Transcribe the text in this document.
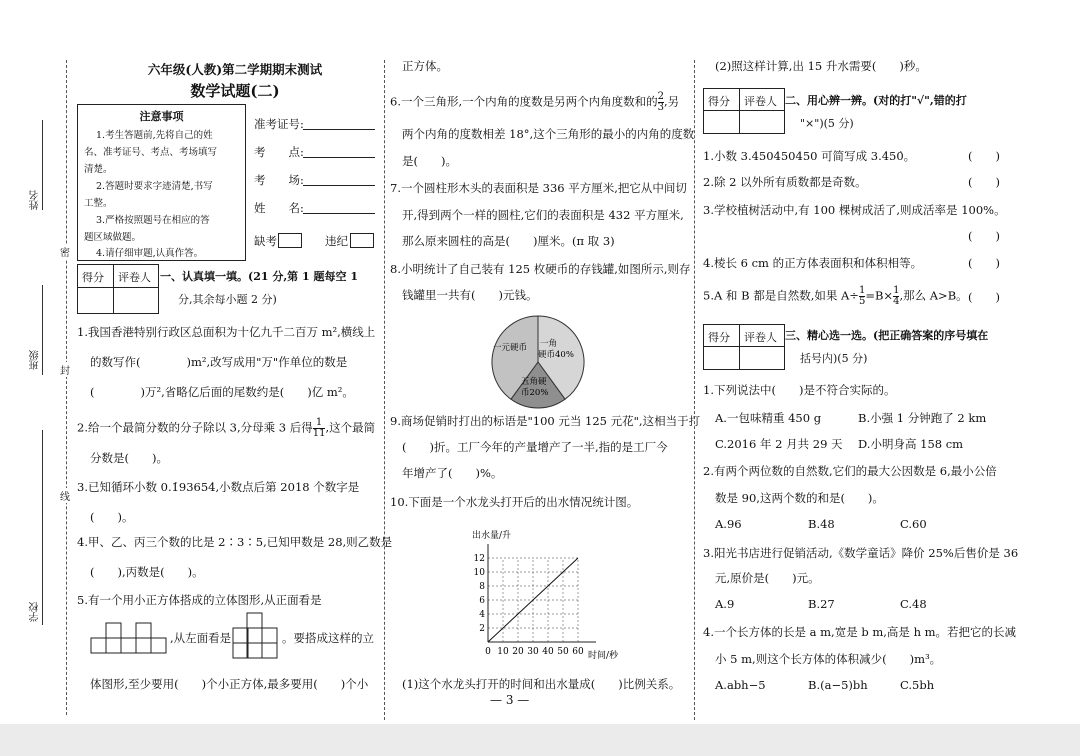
姓名
班级
学校
密
封
线
六年级(人教)第二学期期末测试
数学试题(二)
注意事项
1.考生答题前,先将自己的姓
名、准考证号、考点、考场填写
清楚。
2.答题时要求字迹清楚,书写
工整。
3.严格按照题号在相应的答
题区域做题。
4.请仔细审题,认真作答。
准考证号:
考　　点:
考　　场:
姓　　名:
缺考	违纪
得分 评卷人 一、认真填一填。(21 分,第 1 题每空 1
分,其余每小题 2 分)
1.我国香港特别行政区总面积为十亿九千二百万 m²,横线上
的数写作(　　　　)m²,改写成用"万"作单位的数是
(　　　　)万²,省略亿后面的尾数约是(　　)亿 m²。
2.给一个最简分数的分子除以 3,分母乘 3 后得 $\frac{1}{11}$ ,这个最简
分数是(　　)。
3.已知循环小数 0.1̇93654̇,小数点后第 2018 个数字是
(　　)。
4.甲、乙、丙三个数的比是 2∶3∶5,已知甲数是 28,则乙数是
(　　),丙数是(　　)。
5.有一个用小正方体搭成的立体图形,从正面看是
,从左面看是	。要搭成这样的立
体图形,至少要用(　　)个小正方体,最多要用(　　)个小
正方体。
6.一个三角形,一个内角的度数是另两个内角度数和的 $\frac{2}{3}$ ,另
两个内角的度数相差 18°,这个三角形的最小的内角的度数
是(　　)。
7.一个圆柱形木头的表面积是 336 平方厘米,把它从中间切
开,得到两个一样的圆柱,它们的表面积是 432 平方厘米,
那么原来圆柱的高是(　　)厘米。(π 取 3)
8.小明统计了自己装有 125 枚硬币的存钱罐,如图所示,则存
钱罐里一共有(　　)元钱。
一角
硬币40%
五角硬
币20%
一元硬币
9.商场促销时打出的标语是"100 元当 125 元花",这相当于打
(　　)折。工厂今年的产量增产了一半,指的是工厂今
年增产了(　　)%。
10.下面是一个水龙头打开后的出水情况统计图。
出水量/升
时间/秒
0 10 20 30 40 50 60
2
4
6
8
10
12
(1)这个水龙头打开的时间和出水量成(　　)比例关系。
— 3 —
(2)照这样计算,出 15 升水需要(　　)秒。
得分 评卷人 二、用心辨一辨。(对的打"√",错的打
"×")(5 分)
1.小数 3.450450450 可简写成 3.4̇50̇。	(　　)
2.除 2 以外所有质数都是奇数。	(　　)
3.学校植树活动中,有 100 棵树成活了,则成活率是 100%。
(　　)
4.棱长 6 cm 的正方体表面积和体积相等。	(　　)
5.A 和 B 都是自然数,如果 $A\div \frac{1}{5} =B\times \frac{1}{4}$ ,那么 A>B。 (　　)
得分 评卷人 三、精心选一选。(把正确答案的序号填在
括号内)(5 分)
1.下列说法中(　　)是不符合实际的。
A.一包味精重 450 g	B.小强 1 分钟跑了 2 km
C.2016 年 2 月共 29 天 D.小明身高 158 cm
2.有两个两位数的自然数,它们的最大公因数是 6,最小公倍
数是 90,这两个数的和是(　　)。
A.96	B.48	C.60
3.阳光书店进行促销活动,《数学童话》降价 25%后售价是 36
元,原价是(　　)元。
A.9	B.27	C.48
4.一个长方体的长是 a m,宽是 b m,高是 h m。若把它的长减
小 5 m,则这个长方体的体积减少(　　)m³。
A.abh−5	B.(a−5)bh	C.5bh
